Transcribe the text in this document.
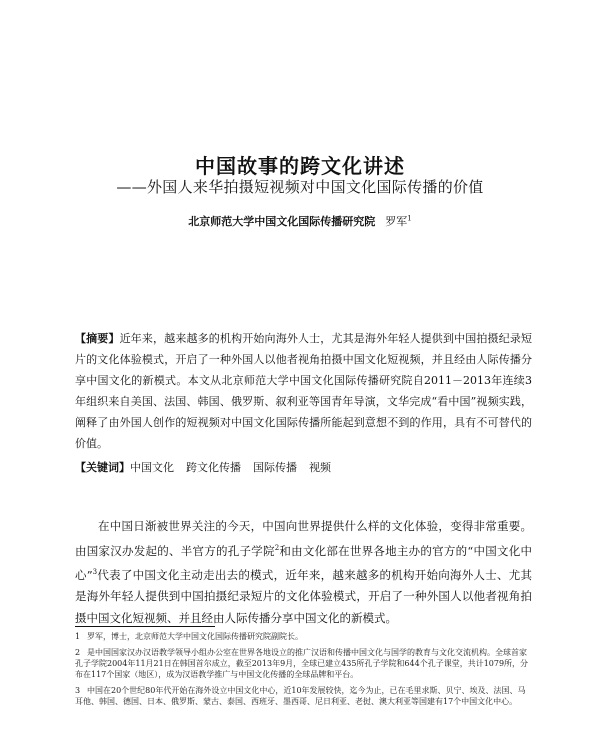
中国故事的跨文化讲述
——外国人来华拍摄短视频对中国文化国际传播的价值
北京师范大学中国文化国际传播研究院 罗军$^1$
【摘要】近年来，越来越多的机构开始向海外人士，尤其是海外年轻人提供到中国拍摄纪录短片的文化体验模式，开启了一种外国人以他者视角拍摄中国文化短视频，并且经由人际传播分享中国文化的新模式。本文从北京师范大学中国文化国际传播研究院自2011－2013年连续3年组织来自美国、法国、韩国、俄罗斯、叙利亚等国青年导演，文华完成“看中国”视频实践，阐释了由外国人创作的短视频对中国文化国际传播所能起到意想不到的作用，具有不可替代的价值。
【关键词】中国文化 跨文化传播 国际传播 视频
在中国日渐被世界关注的今天，中国向世界提供什么样的文化体验，变得非常重要。由国家汉办发起的、半官方的孔子学院$^2$和由文化部在世界各地主办的官方的“中国文化中心”$^3$代表了中国文化主动走出去的模式，近年来，越来越多的机构开始向海外人士、尤其是海外年轻人提供到中国拍摄纪录短片的文化体验模式，开启了一种外国人以他者视角拍摄中国文化短视频、并且经由人际传播分享中国文化的新模式。
1 罗军，博士，北京师范大学中国文化国际传播研究院副院长。
2 是中国国家汉办汉语教学领导小组办公室在世界各地设立的推广汉语和传播中国文化与国学的教育与文化交流机构。全球首家孔子学院2004年11月21日在韩国首尔成立，截至2013年9月，全球已建立435所孔子学院和644个孔子课堂，共计1079所，分布在117个国家（地区），成为汉语教学推广与中国文化传播的全球品牌和平台。
3 中国在20个世纪80年代开始在海外设立中国文化中心，近10年发展较快，迄今为止，已在毛里求斯、贝宁、埃及、法国、马耳他、韩国、德国、日本、俄罗斯、蒙古、泰国、西班牙、墨西哥、尼日利亚、老挝、澳大利亚等国建有17个中国文化中心。
